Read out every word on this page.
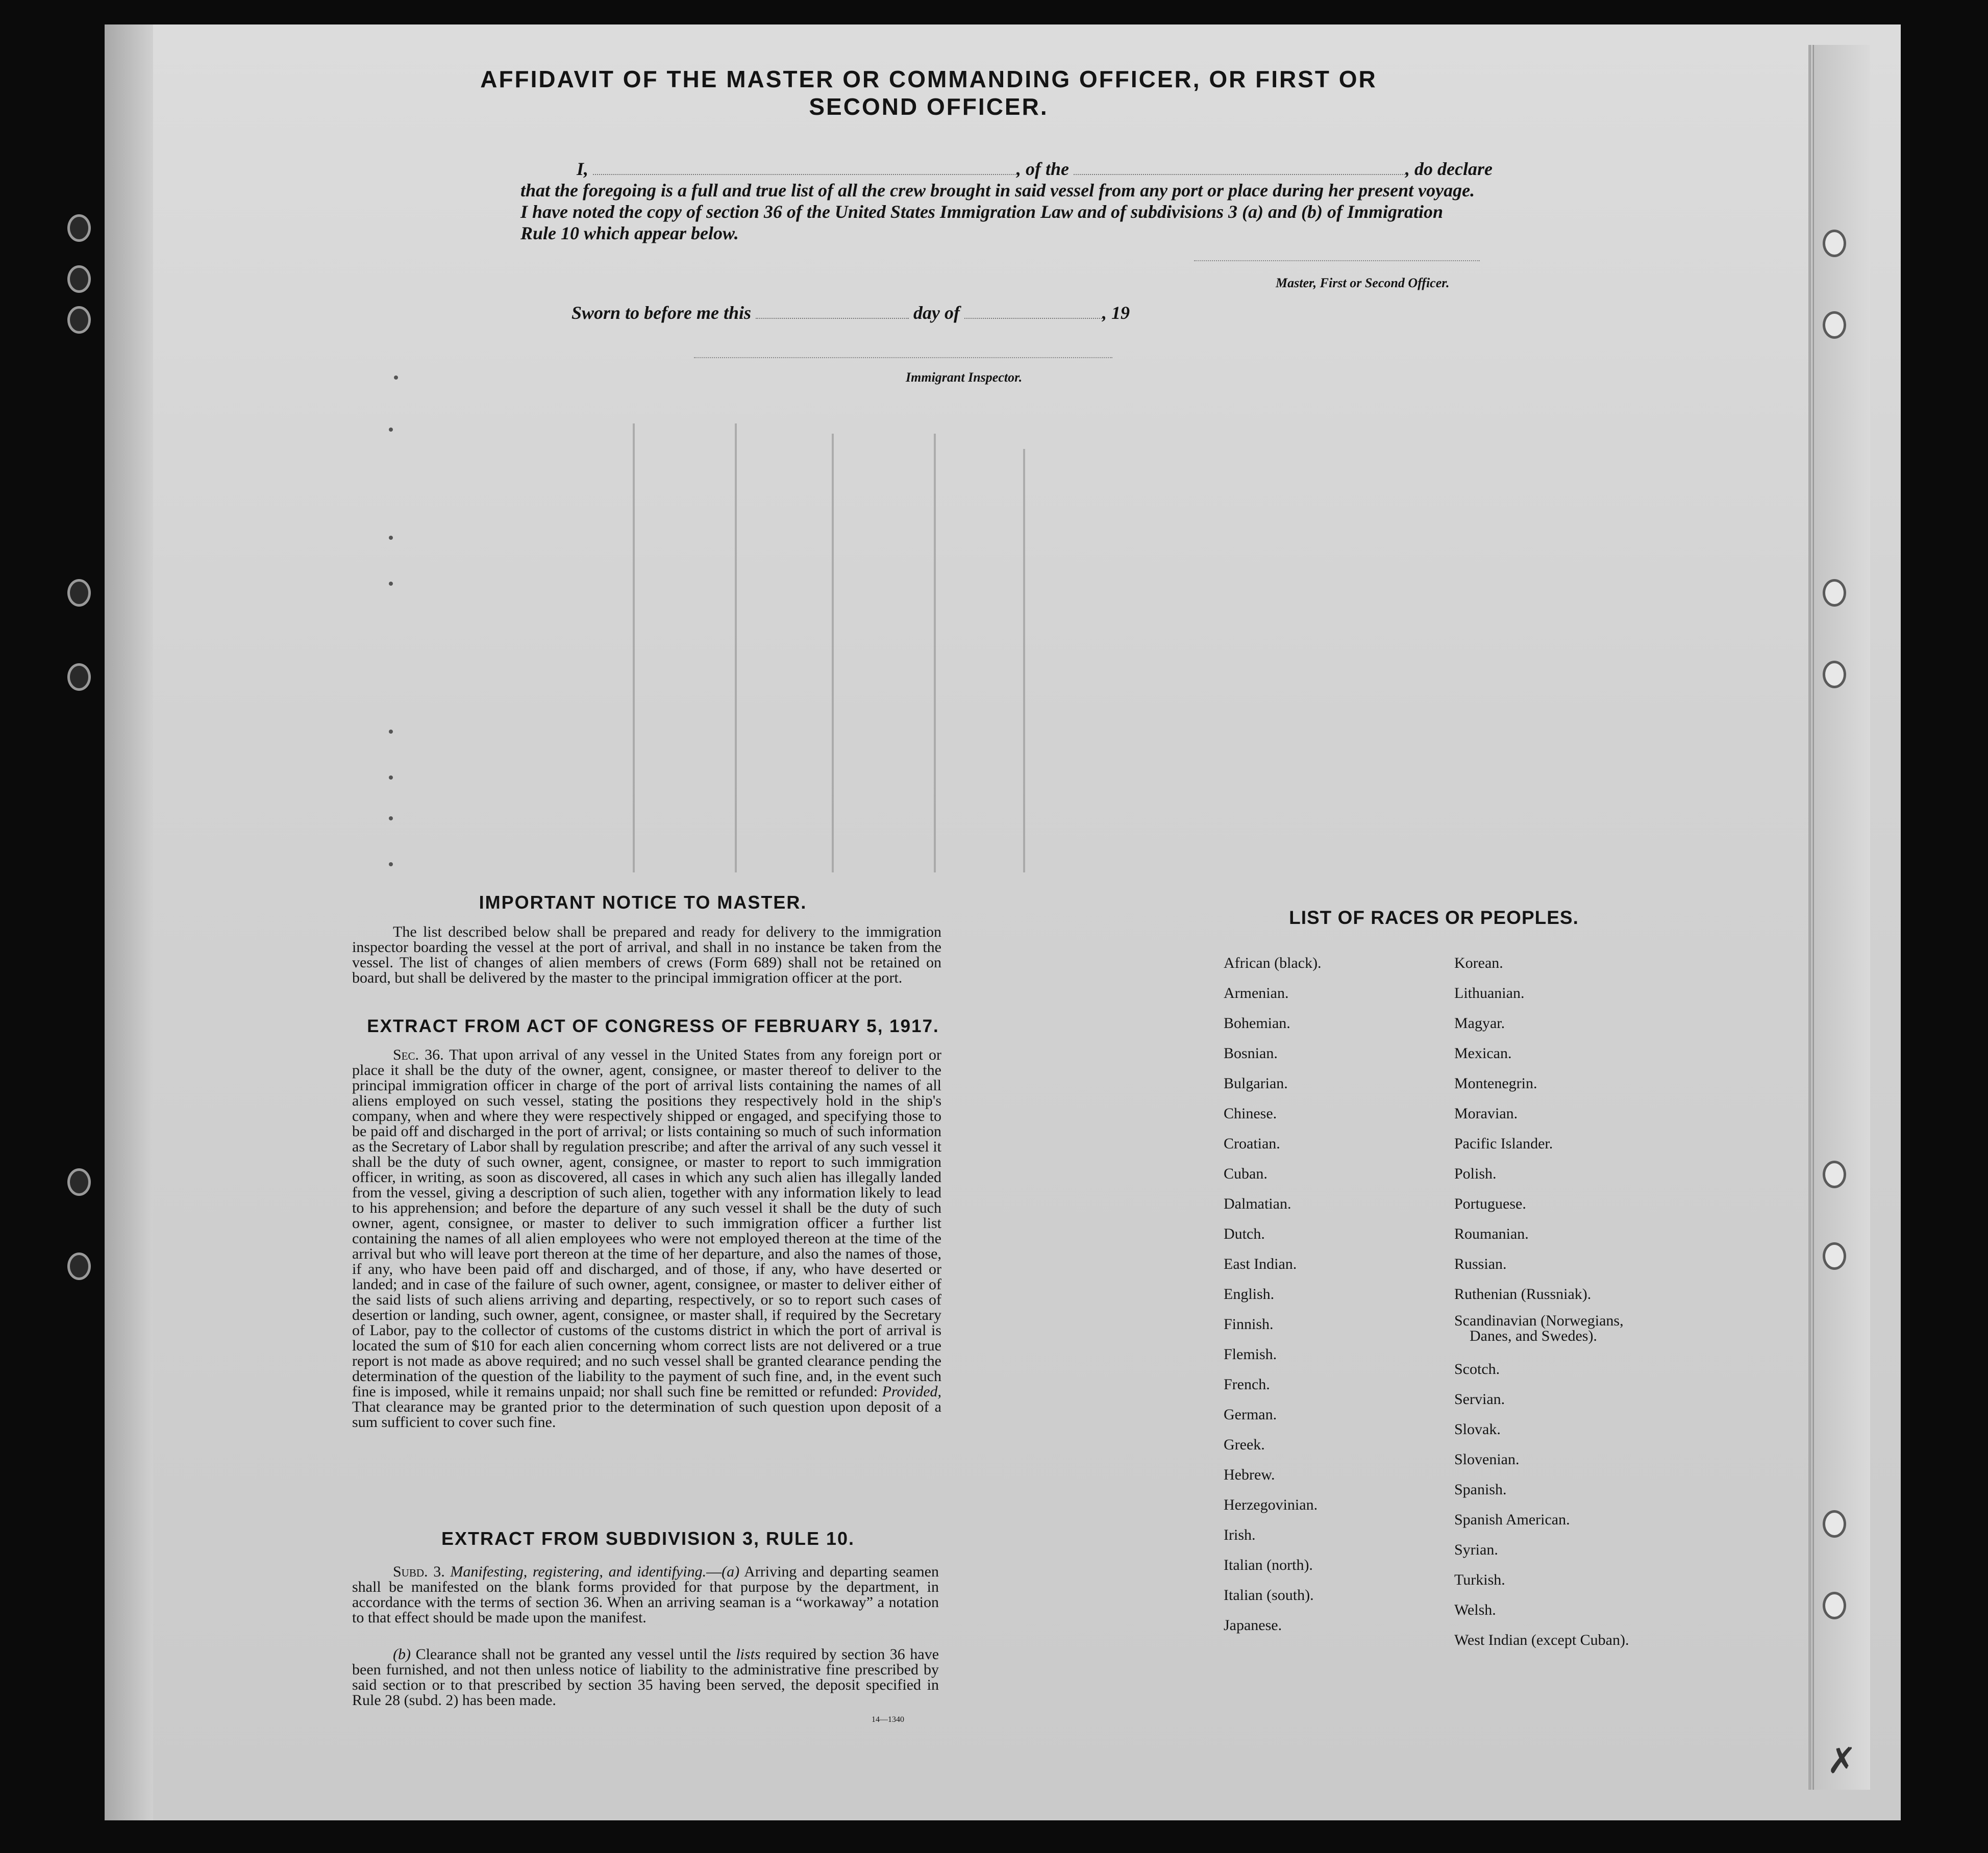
AFFIDAVIT OF THE MASTER OR COMMANDING OFFICER, OR FIRST OR SECOND OFFICER.
I,	, of the	, do declare
that the foregoing is a full and true list of all the crew brought in said vessel from any port or place during her present voyage.
I have noted the copy of section 36 of the United States Immigration Law and of subdivisions 3 (a) and (b) of Immigration
Rule 10 which appear below.
Master, First or Second Officer.
Sworn to before me this	day of	, 19
Immigrant Inspector.
IMPORTANT NOTICE TO MASTER.
The list described below shall be prepared and ready for delivery to the immigration inspector boarding the vessel at the port of arrival, and shall in no instance be taken from the vessel. The list of changes of alien members of crews (Form 689) shall not be retained on board, but shall be delivered by the master to the principal immigration officer at the port.
EXTRACT FROM ACT OF CONGRESS OF FEBRUARY 5, 1917.
Sec. 36. That upon arrival of any vessel in the United States from any foreign port or place it shall be the duty of the owner, agent, consignee, or master thereof to deliver to the principal immigration officer in charge of the port of arrival lists containing the names of all aliens employed on such vessel, stating the positions they respectively hold in the ship's company, when and where they were respectively shipped or engaged, and specifying those to be paid off and discharged in the port of arrival; or lists containing so much of such information as the Secretary of Labor shall by regulation prescribe; and after the arrival of any such vessel it shall be the duty of such owner, agent, consignee, or master to report to such immigration officer, in writing, as soon as discovered, all cases in which any such alien has illegally landed from the vessel, giving a description of such alien, together with any information likely to lead to his apprehension; and before the departure of any such vessel it shall be the duty of such owner, agent, consignee, or master to deliver to such immigration officer a further list containing the names of all alien employees who were not employed thereon at the time of the arrival but who will leave port thereon at the time of her departure, and also the names of those, if any, who have been paid off and discharged, and of those, if any, who have deserted or landed; and in case of the failure of such owner, agent, consignee, or master to deliver either of the said lists of such aliens arriving and departing, respectively, or so to report such cases of desertion or landing, such owner, agent, consignee, or master shall, if required by the Secretary of Labor, pay to the collector of customs of the customs district in which the port of arrival is located the sum of $10 for each alien concerning whom correct lists are not delivered or a true report is not made as above required; and no such vessel shall be granted clearance pending the determination of the question of the liability to the payment of such fine, and, in the event such fine is imposed, while it remains unpaid; nor shall such fine be remitted or refunded: Provided, That clearance may be granted prior to the determination of such question upon deposit of a sum sufficient to cover such fine.
EXTRACT FROM SUBDIVISION 3, RULE 10.
Subd. 3. Manifesting, registering, and identifying.—(a) Arriving and departing seamen shall be manifested on the blank forms provided for that purpose by the department, in accordance with the terms of section 36. When an arriving seaman is a “workaway” a notation to that effect should be made upon the manifest.
(b) Clearance shall not be granted any vessel until the lists required by section 36 have been furnished, and not then unless notice of liability to the administrative fine prescribed by said section or to that prescribed by section 35 having been served, the deposit specified in Rule 28 (subd. 2) has been made.
14—1340
LIST OF RACES OR PEOPLES.
African (black).
Armenian.
Bohemian.
Bosnian.
Bulgarian.
Chinese.
Croatian.
Cuban.
Dalmatian.
Dutch.
East Indian.
English.
Finnish.
Flemish.
French.
German.
Greek.
Hebrew.
Herzegovinian.
Irish.
Italian (north).
Italian (south).
Japanese.
Korean.
Lithuanian.
Magyar.
Mexican.
Montenegrin.
Moravian.
Pacific Islander.
Polish.
Portuguese.
Roumanian.
Russian.
Ruthenian (Russniak).
Scandinavian (Norwegians,
Danes, and Swedes).
Scotch.
Servian.
Slovak.
Slovenian.
Spanish.
Spanish American.
Syrian.
Turkish.
Welsh.
West Indian (except Cuban).
✗
